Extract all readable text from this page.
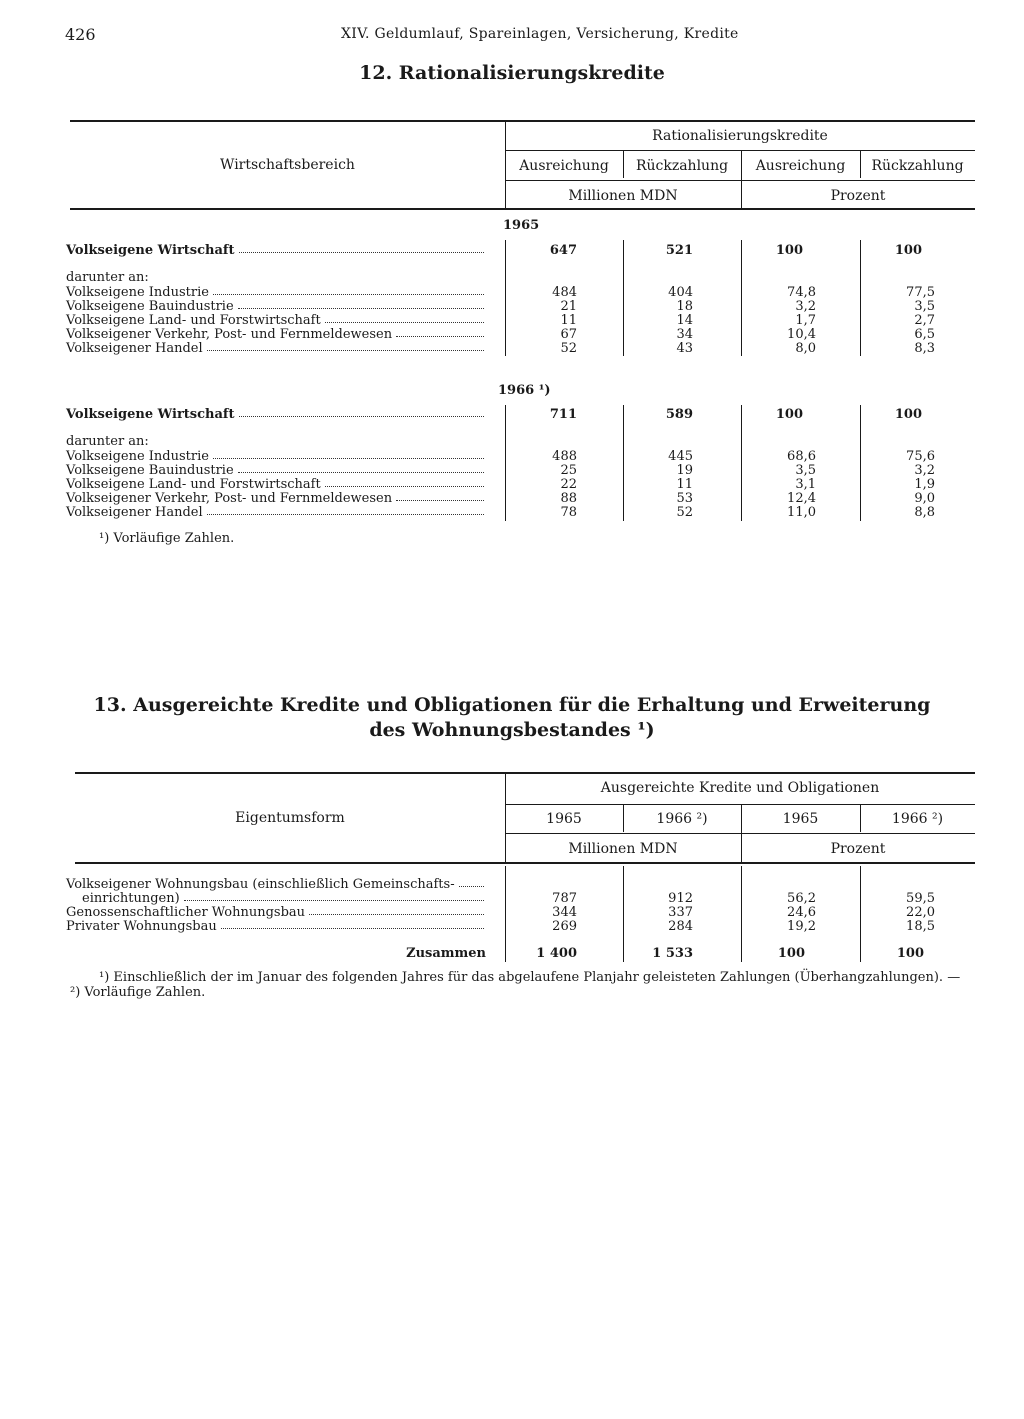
426	XIV. Geldumlauf, Spareinlagen, Versicherung, Kredite
12. Rationalisierungskredite
Wirtschaftsbereich
Rationalisierungskredite
Ausreichung	Rückzahlung	Ausreichung	Rückzahlung
Millionen MDN	Prozent
1965
Volkseigene Wirtschaft	647	521	100	100
darunter an:
Volkseigene Industrie	484	404	74,8	77,5
Volkseigene Bauindustrie	21	18	3,2	3,5
Volkseigene Land- und Forstwirtschaft	11	14	1,7	2,7
Volkseigener Verkehr, Post- und Fernmeldewesen	67	34	10,4	6,5
Volkseigener Handel	52	43	8,0	8,3
1966 ¹)
Volkseigene Wirtschaft	711	589	100	100
darunter an:
Volkseigene Industrie	488	445	68,6	75,6
Volkseigene Bauindustrie	25	19	3,5	3,2
Volkseigene Land- und Forstwirtschaft	22	11	3,1	1,9
Volkseigener Verkehr, Post- und Fernmeldewesen	88	53	12,4	9,0
Volkseigener Handel	78	52	11,0	8,8
¹) Vorläufige Zahlen.
13. Ausgereichte Kredite und Obligationen für die Erhaltung und Erweiterung
des Wohnungsbestandes ¹)
Eigentumsform
Ausgereichte Kredite und Obligationen
1965	1966 ²)	1965	1966 ²)
Millionen MDN	Prozent
Volkseigener Wohnungsbau (einschließlich Gemeinschafts-
einrichtungen)	787	912	56,2	59,5
Genossenschaftlicher Wohnungsbau	344	337	24,6	22,0
Privater Wohnungsbau	269	284	19,2	18,5
Zusammen	1 400	1 533	100	100
¹) Einschließlich der im Januar des folgenden Jahres für das abgelaufene Planjahr geleisteten Zahlungen (Überhangzahlungen). —
²) Vorläufige Zahlen.
